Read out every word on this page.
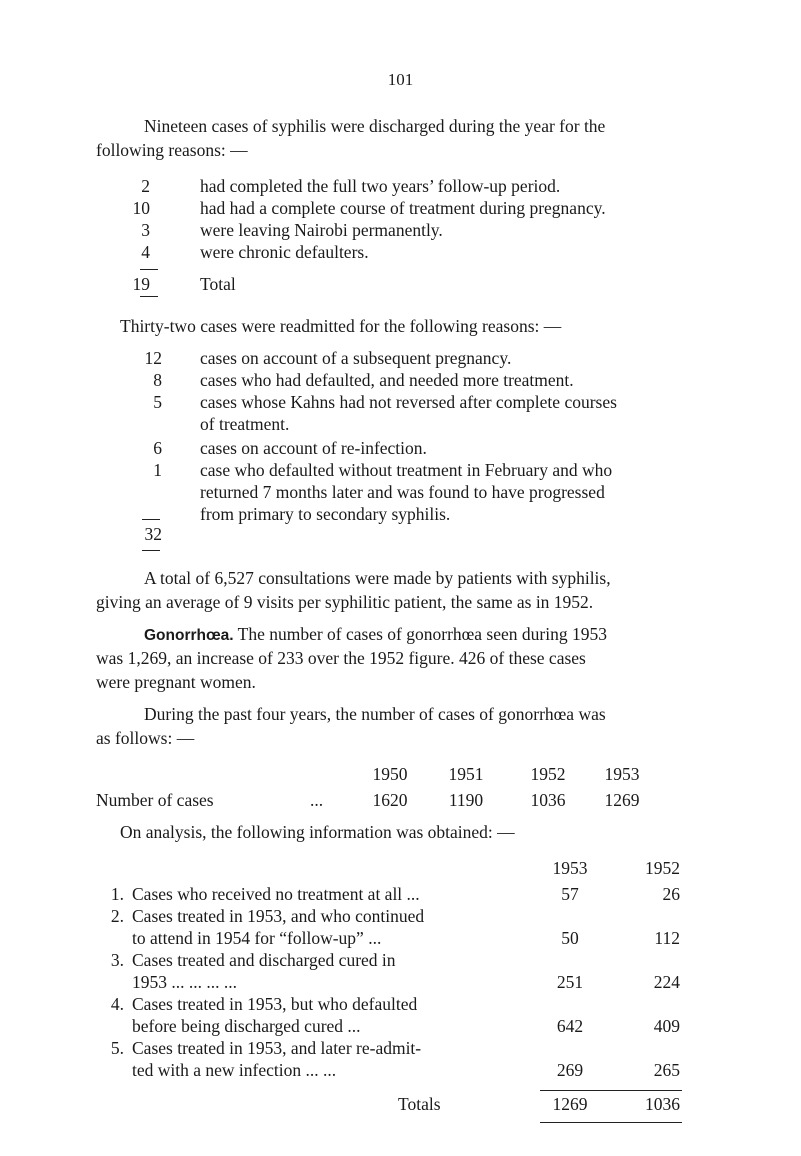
101
Nineteen cases of syphilis were discharged during the year for the
following reasons: —
2	had completed the full two years’ follow-up period.
10	had had a complete course of treatment during pregnancy.
3	were leaving Nairobi permanently.
4	were chronic defaulters.
19	Total
Thirty-two cases were readmitted for the following reasons: —
12 cases on account of a subsequent pregnancy.
8 cases who had defaulted, and needed more treatment.
5 cases whose Kahns had not reversed after complete courses
of treatment.
6 cases on account of re-infection.
1 case who defaulted without treatment in February and who
returned 7 months later and was found to have progressed
from primary to secondary syphilis.
32
A total of 6,527 consultations were made by patients with syphilis,
giving an average of 9 visits per syphilitic patient, the same as in 1952.
Gonorrhœa. The number of cases of gonorrhœa seen during 1953
was 1,269, an increase of 233 over the 1952 figure. 426 of these cases
were pregnant women.
During the past four years, the number of cases of gonorrhœa was
as follows: —
1950	1951	1952	1953
Number of cases	...	1620	1190	1036	1269
On analysis, the following information was obtained: —
1953	1952
1. Cases who received no treatment at all ...	57	26
2. Cases treated in 1953, and who continued
to attend in 1954 for “follow-up” ...	50	112
3. Cases treated and discharged cured in
1953 ... ... ... ...	251	224
4. Cases treated in 1953, but who defaulted
before being discharged cured ...	642	409
5. Cases treated in 1953, and later re-admit-
ted with a new infection ... ...	269	265
Totals	1269	1036
